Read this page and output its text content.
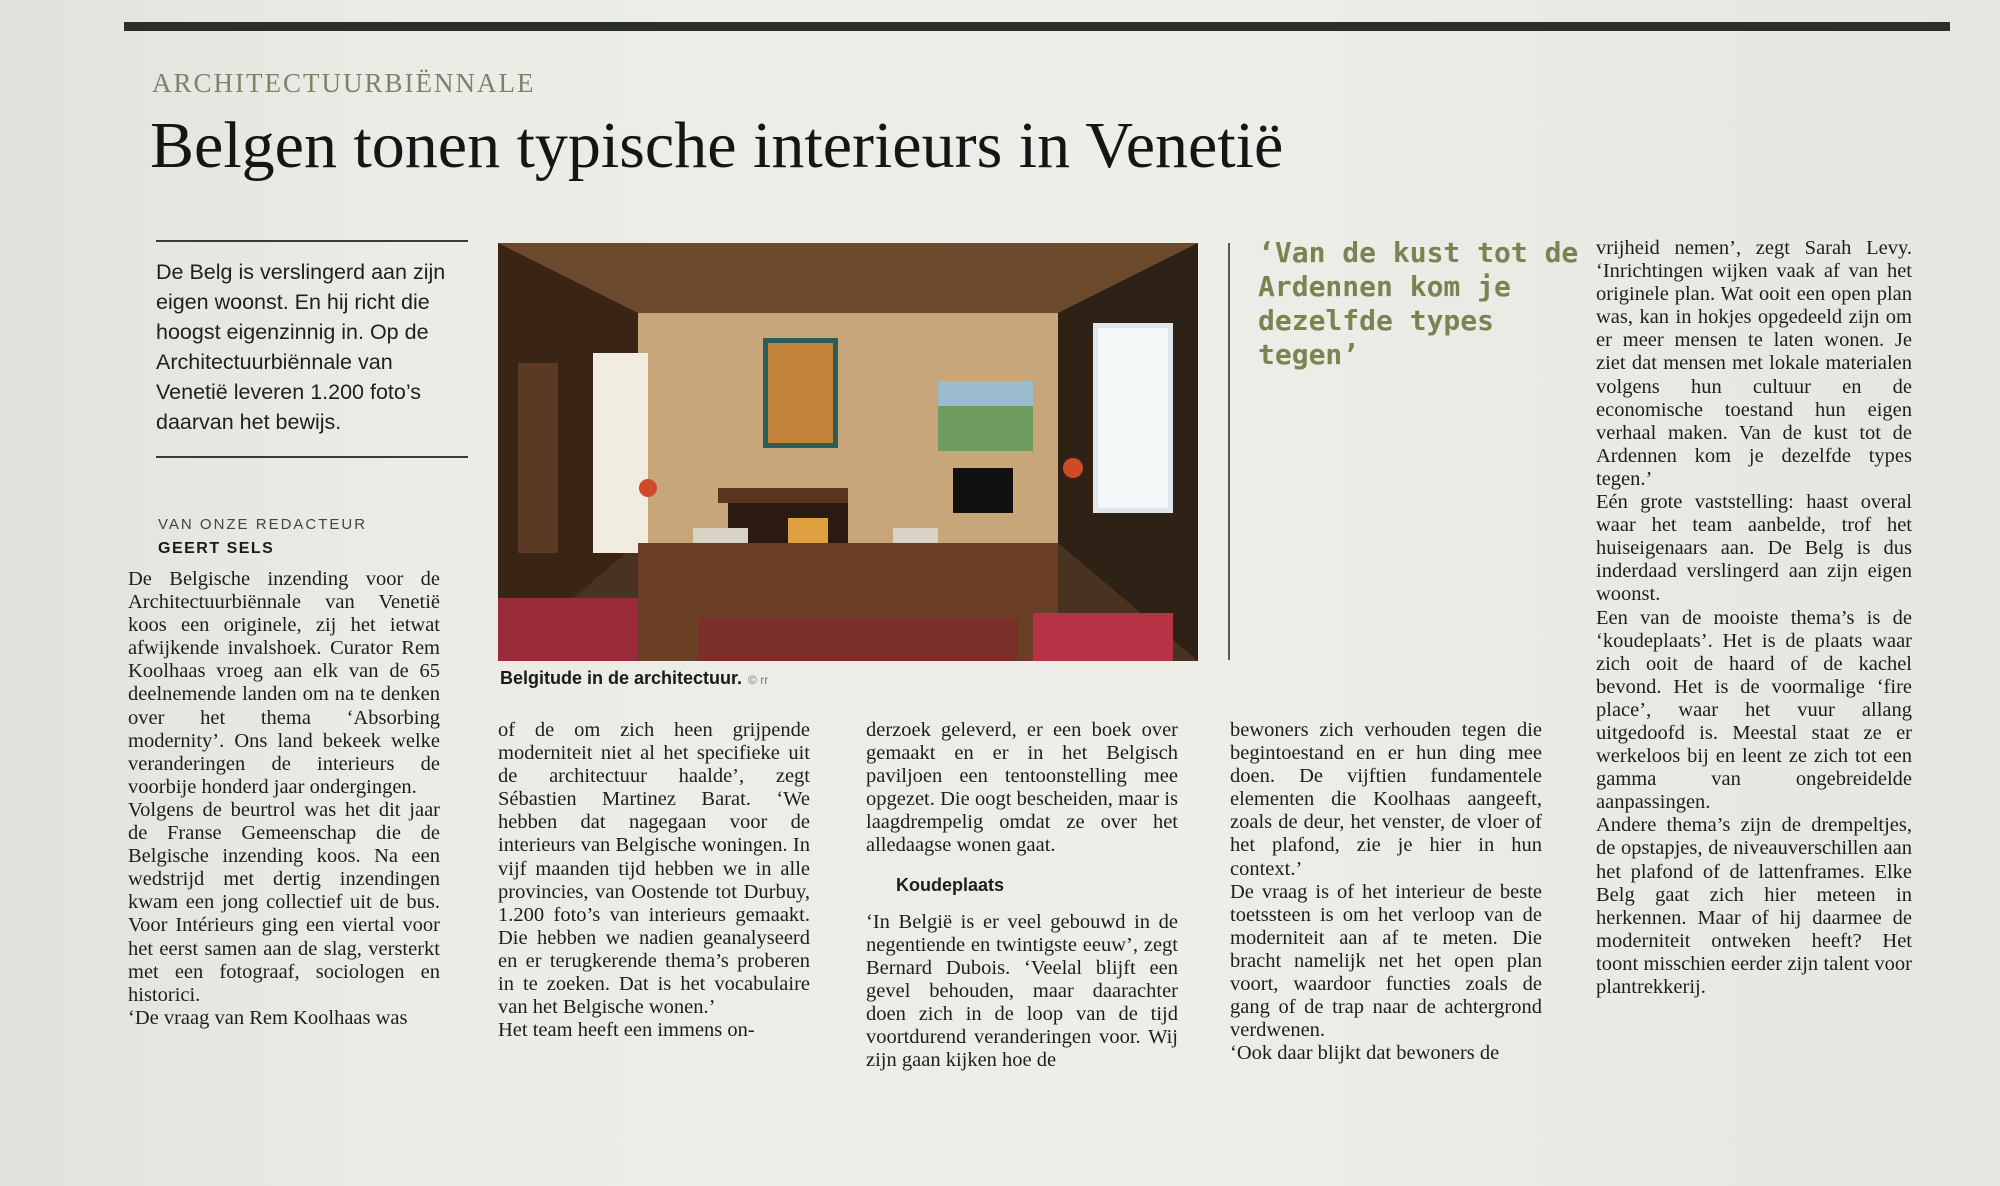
ARCHITECTUURBIËNNALE
Belgen tonen typische interieurs in Venetië
De Belg is verslingerd aan zijn eigen woonst. En hij richt die hoogst eigenzinnig in. Op de Architectuurbiënnale van Venetië leveren 1.200 foto’s daarvan het bewijs.
VAN ONZE REDACTEUR
GEERT SELS
Belgitude in de architectuur. © rr
‘Van de kust tot de Ardennen kom je dezelfde types tegen’

De Belgische inzending voor de Architectuurbiënnale van Venetië koos een originele, zij het ietwat afwijkende invalshoek. Curator Rem Koolhaas vroeg aan elk van de 65 deelnemende landen om na te denken over het thema ‘Absorbing modernity’. Ons land bekeek welke veranderingen de interieurs de voorbije honderd jaar ondergingen.

Volgens de beurtrol was het dit jaar de Franse Gemeenschap die de Belgische inzending koos. Na een wedstrijd met dertig inzendingen kwam een jong collectief uit de bus. Voor Intérieurs ging een viertal voor het eerst samen aan de slag, versterkt met een fotograaf, sociologen en historici.

‘De vraag van Rem Koolhaas was

of de om zich heen grijpende moderniteit niet al het specifieke uit de architectuur haalde’, zegt Sébastien Martinez Barat. ‘We hebben dat nagegaan voor de interieurs van Belgische woningen. In vijf maanden tijd hebben we in alle provincies, van Oostende tot Durbuy, 1.200 foto’s van interieurs gemaakt. Die hebben we nadien geanalyseerd en er terugkerende thema’s proberen in te zoeken. Dat is het vocabulaire van het Belgische wonen.’

Het team heeft een immens on-

derzoek geleverd, er een boek over gemaakt en er in het Belgisch paviljoen een tentoonstelling mee opgezet. Die oogt bescheiden, maar is laagdrempelig omdat ze over het alledaagse wonen gaat.

Koudeplaats

‘In België is er veel gebouwd in de negentiende en twintigste eeuw’, zegt Bernard Dubois. ‘Veelal blijft een gevel behouden, maar daarachter doen zich in de loop van de tijd voortdurend veranderingen voor. Wij zijn gaan kijken hoe de

bewoners zich verhouden tegen die begintoestand en er hun ding mee doen. De vijftien fundamentele elementen die Koolhaas aangeeft, zoals de deur, het venster, de vloer of het plafond, zie je hier in hun context.’

De vraag is of het interieur de beste toetssteen is om het verloop van de moderniteit aan af te meten. Die bracht namelijk net het open plan voort, waardoor functies zoals de gang of de trap naar de achtergrond verdwenen.

‘Ook daar blijkt dat bewoners de

vrijheid nemen’, zegt Sarah Levy. ‘Inrichtingen wijken vaak af van het originele plan. Wat ooit een open plan was, kan in hokjes opgedeeld zijn om er meer mensen te laten wonen. Je ziet dat mensen met lokale materialen volgens hun cultuur en de economische toestand hun eigen verhaal maken. Van de kust tot de Ardennen kom je dezelfde types tegen.’

Eén grote vaststelling: haast overal waar het team aanbelde, trof het huiseigenaars aan. De Belg is dus inderdaad verslingerd aan zijn eigen woonst.

Een van de mooiste thema’s is de ‘koudeplaats’. Het is de plaats waar zich ooit de haard of de kachel bevond. Het is de voormalige ‘fire place’, waar het vuur allang uitgedoofd is. Meestal staat ze er werkeloos bij en leent ze zich tot een gamma van ongebreidelde aanpassingen.

Andere thema’s zijn de drempeltjes, de opstapjes, de niveauverschillen aan het plafond of de lattenframes. Elke Belg gaat zich hier meteen in herkennen. Maar of hij daarmee de moderniteit ontweken heeft? Het toont misschien eerder zijn talent voor plantrekkerij.
